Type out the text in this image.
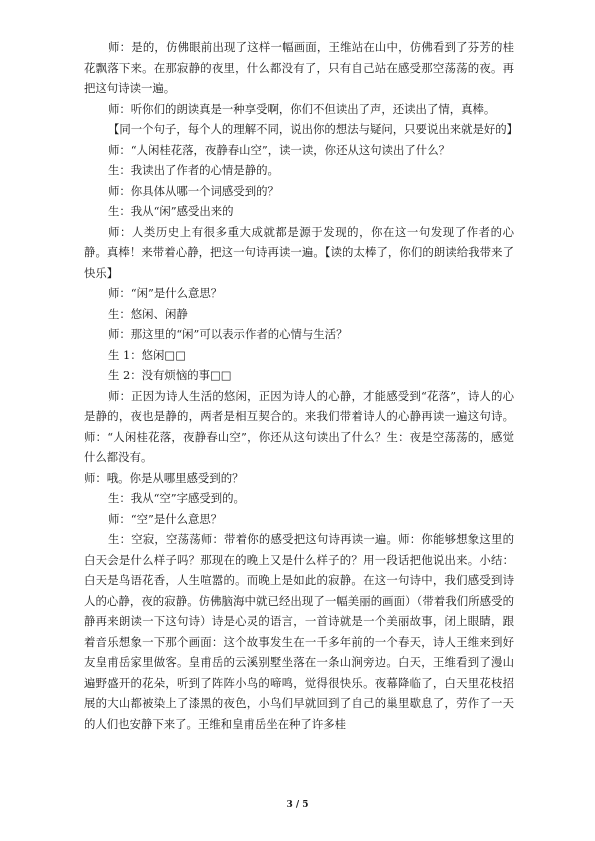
师：是的，仿佛眼前出现了这样一幅画面，王维站在山中，仿佛看到了芬芳的桂花飘落下来。在那寂静的夜里，什么都没有了，只有自己站在感受那空荡荡的夜。再把这句诗读一遍。

师：听你们的朗读真是一种享受啊，你们不但读出了声，还读出了情，真棒。

【同一个句子，每个人的理解不同，说出你的想法与疑问，只要说出来就是好的】

师：“人闲桂花落，夜静春山空”，读一读，你还从这句读出了什么？

生：我读出了作者的心情是静的。

师：你具体从哪一个词感受到的？

生：我从“闲”感受出来的

师：人类历史上有很多重大成就都是源于发现的，你在这一句发现了作者的心静。真棒！来带着心静，把这一句诗再读一遍。【读的太棒了，你们的朗读给我带来了快乐】

师：“闲”是什么意思？

生：悠闲、闲静

师：那这里的“闲”可以表示作者的心情与生活？

生 1：悠闲□□

生 2：没有烦恼的事□□

师：正因为诗人生活的悠闲，正因为诗人的心静，才能感受到“花落”，诗人的心是静的，夜也是静的，两者是相互契合的。来我们带着诗人的心静再读一遍这句诗。师：“人闲桂花落，夜静春山空”，你还从这句读出了什么？生：夜是空荡荡的，感觉什么都没有。

师：哦。你是从哪里感受到的？

生：我从“空”字感受到的。

师：“空”是什么意思？

生：空寂，空荡荡师：带着你的感受把这句诗再读一遍。师：你能够想象这里的白天会是什么样子吗？那现在的晚上又是什么样子的？用一段话把他说出来。小结：白天是鸟语花香，人生喧嚣的。而晚上是如此的寂静。在这一句诗中，我们感受到诗人的心静，夜的寂静。仿佛脑海中就已经出现了一幅美丽的画面）（带着我们所感受的静再来朗读一下这句诗）诗是心灵的语言，一首诗就是一个美丽故事，闭上眼睛，跟着音乐想象一下那个画面：这个故事发生在一千多年前的一个春天，诗人王维来到好友皇甫岳家里做客。皇甫岳的云溪别墅坐落在一条山涧旁边。白天，王维看到了漫山遍野盛开的花朵，听到了阵阵小鸟的啼鸣，觉得很快乐。夜幕降临了，白天里花枝招展的大山都被染上了漆黑的夜色，小鸟们早就回到了自己的巢里歇息了，劳作了一天的人们也安静下来了。王维和皇甫岳坐在种了许多桂

3 / 5
